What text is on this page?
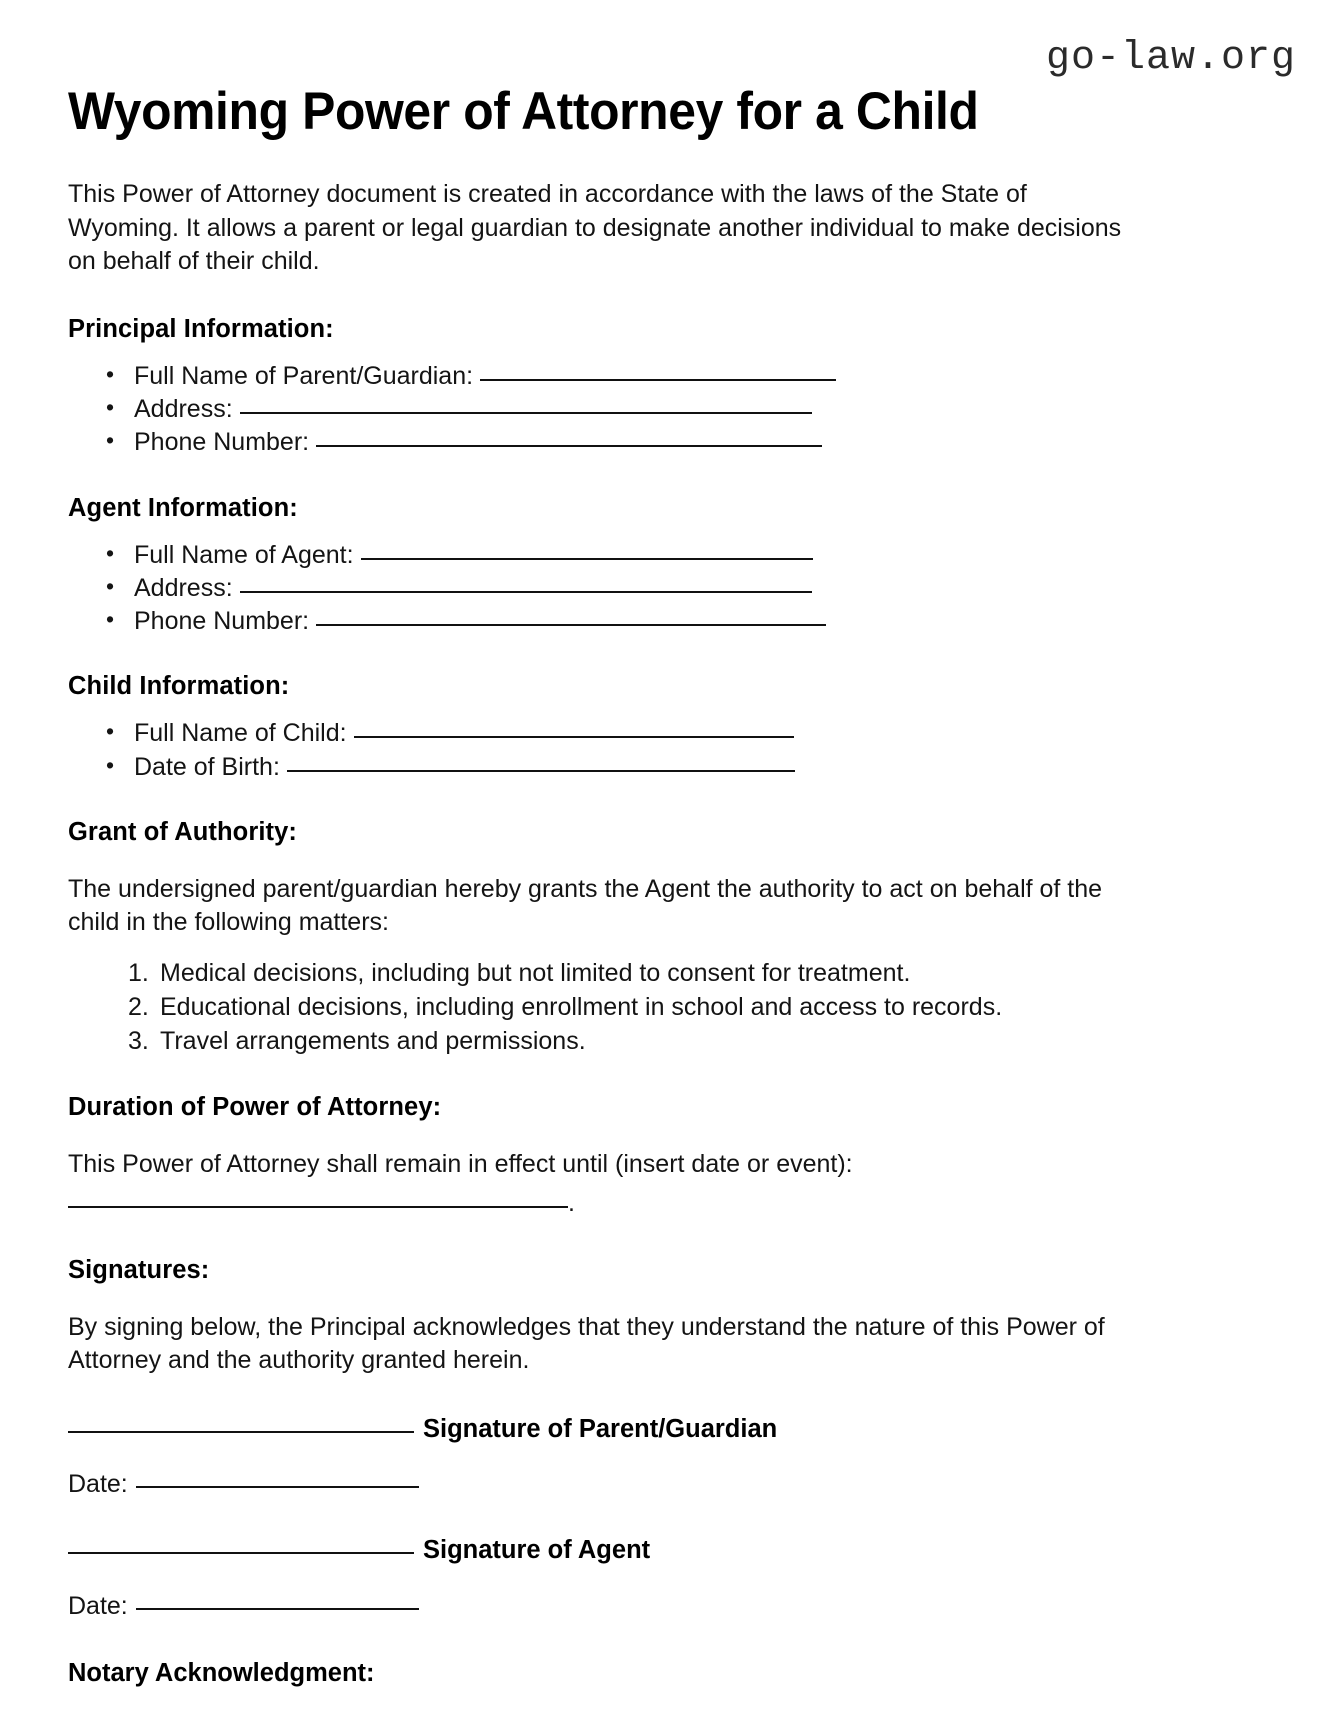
go-law.org
Wyoming Power of Attorney for a Child

This Power of Attorney document is created in accordance with the laws of the State of Wyoming. It allows a parent or legal guardian to designate another individual to make decisions on behalf of their child.

Principal Information:
• Full Name of Parent/Guardian:
• Address:
• Phone Number:
Agent Information:
• Full Name of Agent:
• Address:
• Phone Number:
Child Information:
• Full Name of Child:
• Date of Birth:
Grant of Authority:

The undersigned parent/guardian hereby grants the Agent the authority to act on behalf of the child in the following matters:

Medical decisions, including but not limited to consent for treatment.
Educational decisions, including enrollment in school and access to records.
Travel arrangements and permissions.
Duration of Power of Attorney:

This Power of Attorney shall remain in effect until (insert date or event):

.
Signatures:

By signing below, the Principal acknowledges that they understand the nature of this Power of Attorney and the authority granted herein.

Signature of Parent/Guardian
Date:
Signature of Agent
Date:
Notary Acknowledgment:
